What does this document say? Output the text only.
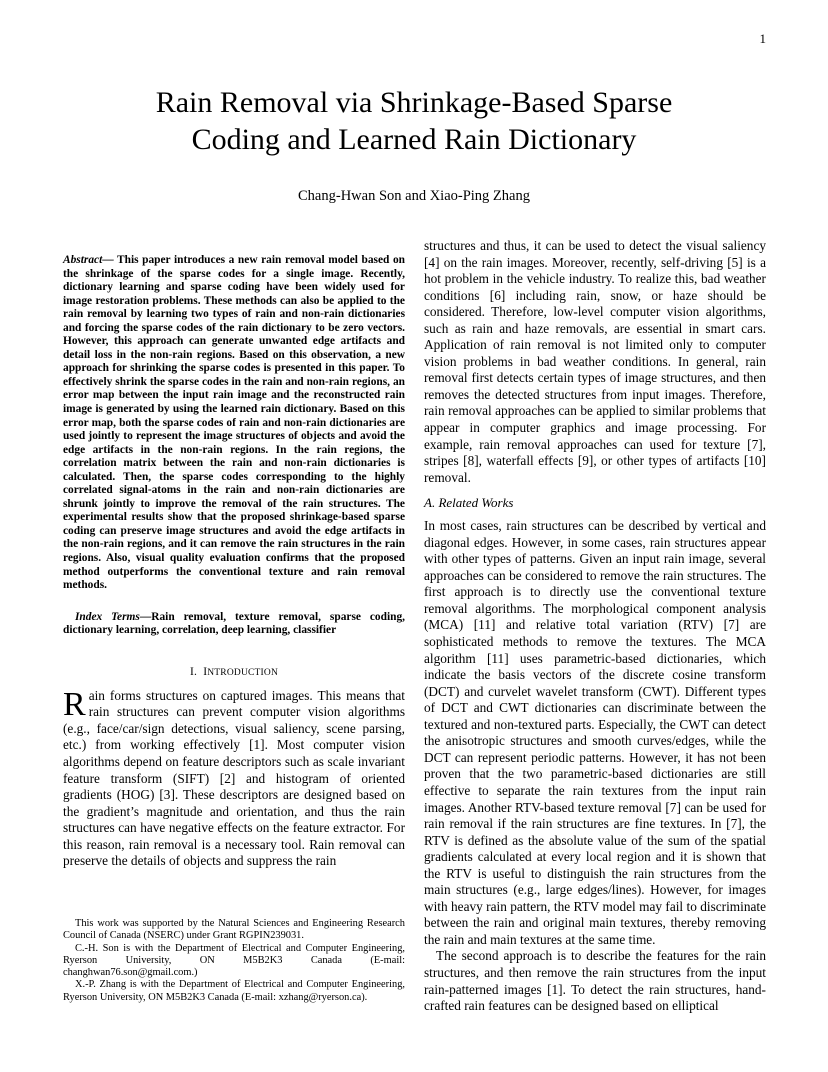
1
Rain Removal via Shrinkage-Based Sparse
Coding and Learned Rain Dictionary
Chang-Hwan Son and Xiao-Ping Zhang

Abstract— This paper introduces a new rain removal model based on the shrinkage of the sparse codes for a single image. Recently, dictionary learning and sparse coding have been widely used for image restoration problems. These methods can also be applied to the rain removal by learning two types of rain and non-rain dictionaries and forcing the sparse codes of the rain dictionary to be zero vectors. However, this approach can generate unwanted edge artifacts and detail loss in the non-rain regions. Based on this observation, a new approach for shrinking the sparse codes is presented in this paper. To effectively shrink the sparse codes in the rain and non-rain regions, an error map between the input rain image and the reconstructed rain image is generated by using the learned rain dictionary. Based on this error map, both the sparse codes of rain and non-rain dictionaries are used jointly to represent the image structures of objects and avoid the edge artifacts in the non-rain regions. In the rain regions, the correlation matrix between the rain and non-rain dictionaries is calculated. Then, the sparse codes corresponding to the highly correlated signal-atoms in the rain and non-rain dictionaries are shrunk jointly to improve the removal of the rain structures. The experimental results show that the proposed shrinkage-based sparse coding can preserve image structures and avoid the edge artifacts in the non-rain regions, and it can remove the rain structures in the rain regions. Also, visual quality evaluation confirms that the proposed method outperforms the conventional texture and rain removal methods.

Index Terms—Rain removal, texture removal, sparse coding, dictionary learning, correlation, deep learning, classifier

I. INTRODUCTION

Rain forms structures on captured images. This means that rain structures can prevent computer vision algorithms (e.g., face/car/sign detections, visual saliency, scene parsing, etc.) from working effectively [1]. Most computer vision algorithms depend on feature descriptors such as scale invariant feature transform (SIFT) [2] and histogram of oriented gradients (HOG) [3]. These descriptors are designed based on the gradient’s magnitude and orientation, and thus the rain structures can have negative effects on the feature extractor. For this reason, rain removal is a necessary tool. Rain removal can preserve the details of objects and suppress the rain

This work was supported by the Natural Sciences and Engineering Research Council of Canada (NSERC) under Grant RGPIN239031.

C.-H. Son is with the Department of Electrical and Computer Engineering, Ryerson University, ON M5B2K3 Canada (E-mail: changhwan76.son@gmail.com.)

X.-P. Zhang is with the Department of Electrical and Computer Engineering, Ryerson University, ON M5B2K3 Canada (E-mail: xzhang@ryerson.ca).

structures and thus, it can be used to detect the visual saliency [4] on the rain images. Moreover, recently, self-driving [5] is a hot problem in the vehicle industry. To realize this, bad weather conditions [6] including rain, snow, or haze should be considered. Therefore, low-level computer vision algorithms, such as rain and haze removals, are essential in smart cars. Application of rain removal is not limited only to computer vision problems in bad weather conditions. In general, rain removal first detects certain types of image structures, and then removes the detected structures from input images. Therefore, rain removal approaches can be applied to similar problems that appear in computer graphics and image processing. For example, rain removal approaches can used for texture [7], stripes [8], waterfall effects [9], or other types of artifacts [10] removal.

A. Related Works

In most cases, rain structures can be described by vertical and diagonal edges. However, in some cases, rain structures appear with other types of patterns. Given an input rain image, several approaches can be considered to remove the rain structures. The first approach is to directly use the conventional texture removal algorithms. The morphological component analysis (MCA) [11] and relative total variation (RTV) [7] are sophisticated methods to remove the textures. The MCA algorithm [11] uses parametric-based dictionaries, which indicate the basis vectors of the discrete cosine transform (DCT) and curvelet wavelet transform (CWT). Different types of DCT and CWT dictionaries can discriminate between the textured and non-textured parts. Especially, the CWT can detect the anisotropic structures and smooth curves/edges, while the DCT can represent periodic patterns. However, it has not been proven that the two parametric-based dictionaries are still effective to separate the rain textures from the input rain images. Another RTV-based texture removal [7] can be used for rain removal if the rain structures are fine textures. In [7], the RTV is defined as the absolute value of the sum of the spatial gradients calculated at every local region and it is shown that the RTV is useful to distinguish the rain structures from the main structures (e.g., large edges/lines). However, for images with heavy rain pattern, the RTV model may fail to discriminate between the rain and original main textures, thereby removing the rain and main textures at the same time.

The second approach is to describe the features for the rain structures, and then remove the rain structures from the input rain-patterned images [1]. To detect the rain structures, hand-crafted rain features can be designed based on elliptical
